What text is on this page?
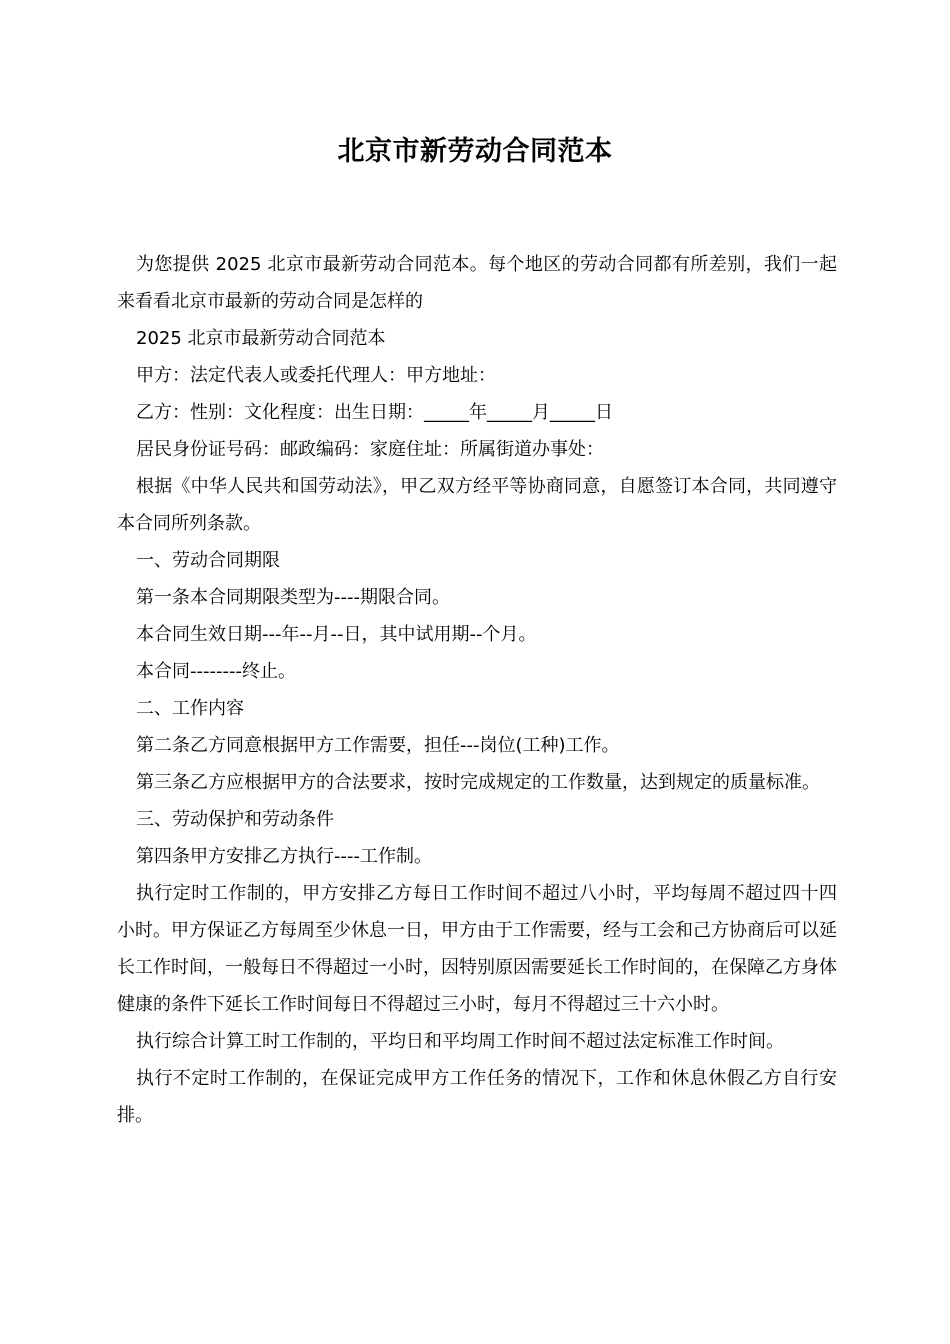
北京市新劳动合同范本

为您提供 2025 北京市最新劳动合同范本。每个地区的劳动合同都有所差别，我们一起来看看北京市最新的劳动合同是怎样的

2025 北京市最新劳动合同范本

甲方：法定代表人或委托代理人：甲方地址：

乙方：性别：文化程度：出生日期：_____年_____月_____日

居民身份证号码：邮政编码：家庭住址：所属街道办事处：

根据《中华人民共和国劳动法》，甲乙双方经平等协商同意，自愿签订本合同，共同遵守本合同所列条款。

一、劳动合同期限

第一条本合同期限类型为----期限合同。

本合同生效日期---年--月--日，其中试用期--个月。

本合同--------终止。

二、工作内容

第二条乙方同意根据甲方工作需要，担任---岗位(工种)工作。

第三条乙方应根据甲方的合法要求，按时完成规定的工作数量，达到规定的质量标准。

三、劳动保护和劳动条件

第四条甲方安排乙方执行----工作制。

执行定时工作制的，甲方安排乙方每日工作时间不超过八小时，平均每周不超过四十四小时。甲方保证乙方每周至少休息一日，甲方由于工作需要，经与工会和己方协商后可以延长工作时间，一般每日不得超过一小时，因特别原因需要延长工作时间的，在保障乙方身体健康的条件下延长工作时间每日不得超过三小时，每月不得超过三十六小时。

执行综合计算工时工作制的，平均日和平均周工作时间不超过法定标准工作时间。

执行不定时工作制的，在保证完成甲方工作任务的情况下，工作和休息休假乙方自行安排。
